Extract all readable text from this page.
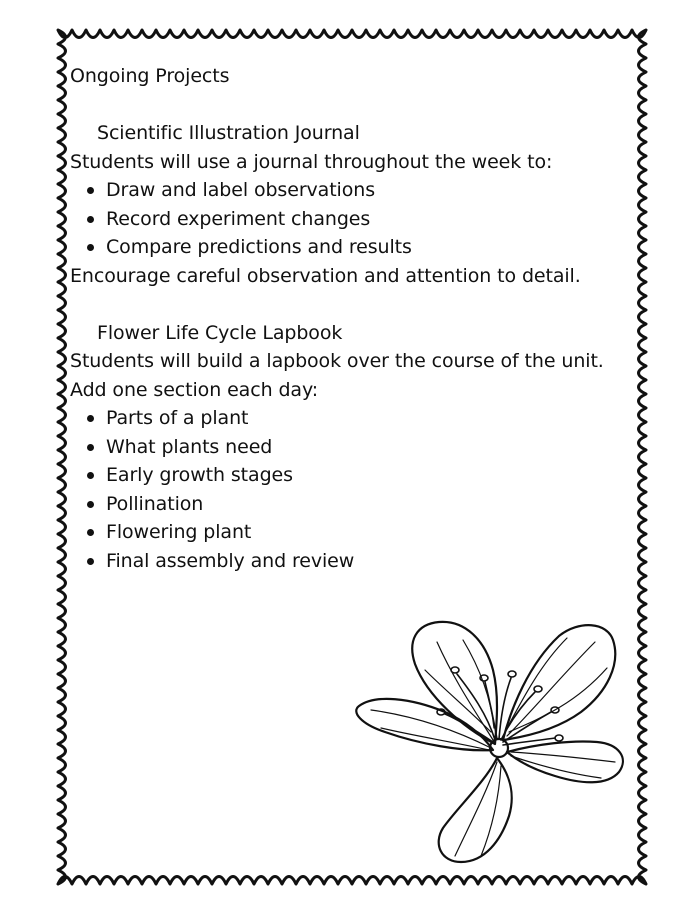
Ongoing Projects

Scientific Illustration Journal

Students will use a journal throughout the week to:

Draw and label observations
Record experiment changes
Compare predictions and results

Encourage careful observation and attention to detail.

Flower Life Cycle Lapbook

Students will build a lapbook over the course of the unit.

Add one section each day:

Parts of a plant
What plants need
Early growth stages
Pollination
Flowering plant
Final assembly and review
